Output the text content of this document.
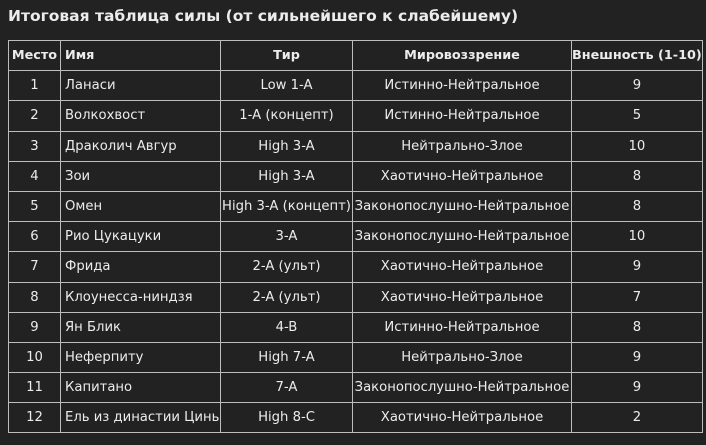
Итоговая таблица силы (от сильнейшего к слабейшему)
Место	Имя	Тир	Мировоззрение	Внешность (1-10)
1	Ланаси	Low 1-A	Истинно-Нейтральное	9
2	Волкохвост	1-A (концепт)	Истинно-Нейтральное	5
3	Драколич Авгур	High 3-A	Нейтрально-Злое	10
4	Зои	High 3-A	Хаотично-Нейтральное	8
5	Омен	High 3-A (концепт)	Законопослушно-Нейтральное	8
6	Рио Цукацуки	3-A	Законопослушно-Нейтральное	10
7	Фрида	2-A (ульт)	Хаотично-Нейтральное	9
8	Клоунесса-ниндзя	2-A (ульт)	Хаотично-Нейтральное	7
9	Ян Блик	4-B	Истинно-Нейтральное	8
10	Неферпиту	High 7-A	Нейтрально-Злое	9
11	Капитано	7-A	Законопослушно-Нейтральное	9
12	Ель из династии Цинь	High 8-C	Хаотично-Нейтральное	2
